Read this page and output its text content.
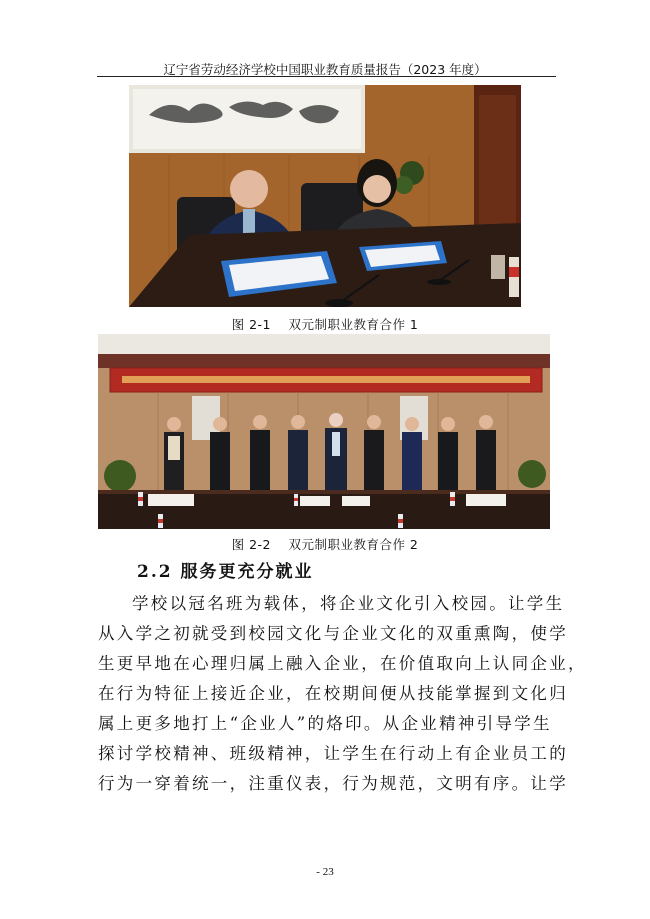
辽宁省劳动经济学校中国职业教育质量报告（2023 年度）
图 2-1　 双元制职业教育合作 1
图 2-2　 双元制职业教育合作 2
2.2 服务更充分就业
学校以冠名班为载体，将企业文化引入校园。让学生
从入学之初就受到校园文化与企业文化的双重熏陶，使学
生更早地在心理归属上融入企业，在价值取向上认同企业，
在行为特征上接近企业，在校期间便从技能掌握到文化归
属上更多地打上“企业人”的烙印。从企业精神引导学生
探讨学校精神、班级精神，让学生在行动上有企业员工的
行为一穿着统一，注重仪表，行为规范，文明有序。让学
- 23
